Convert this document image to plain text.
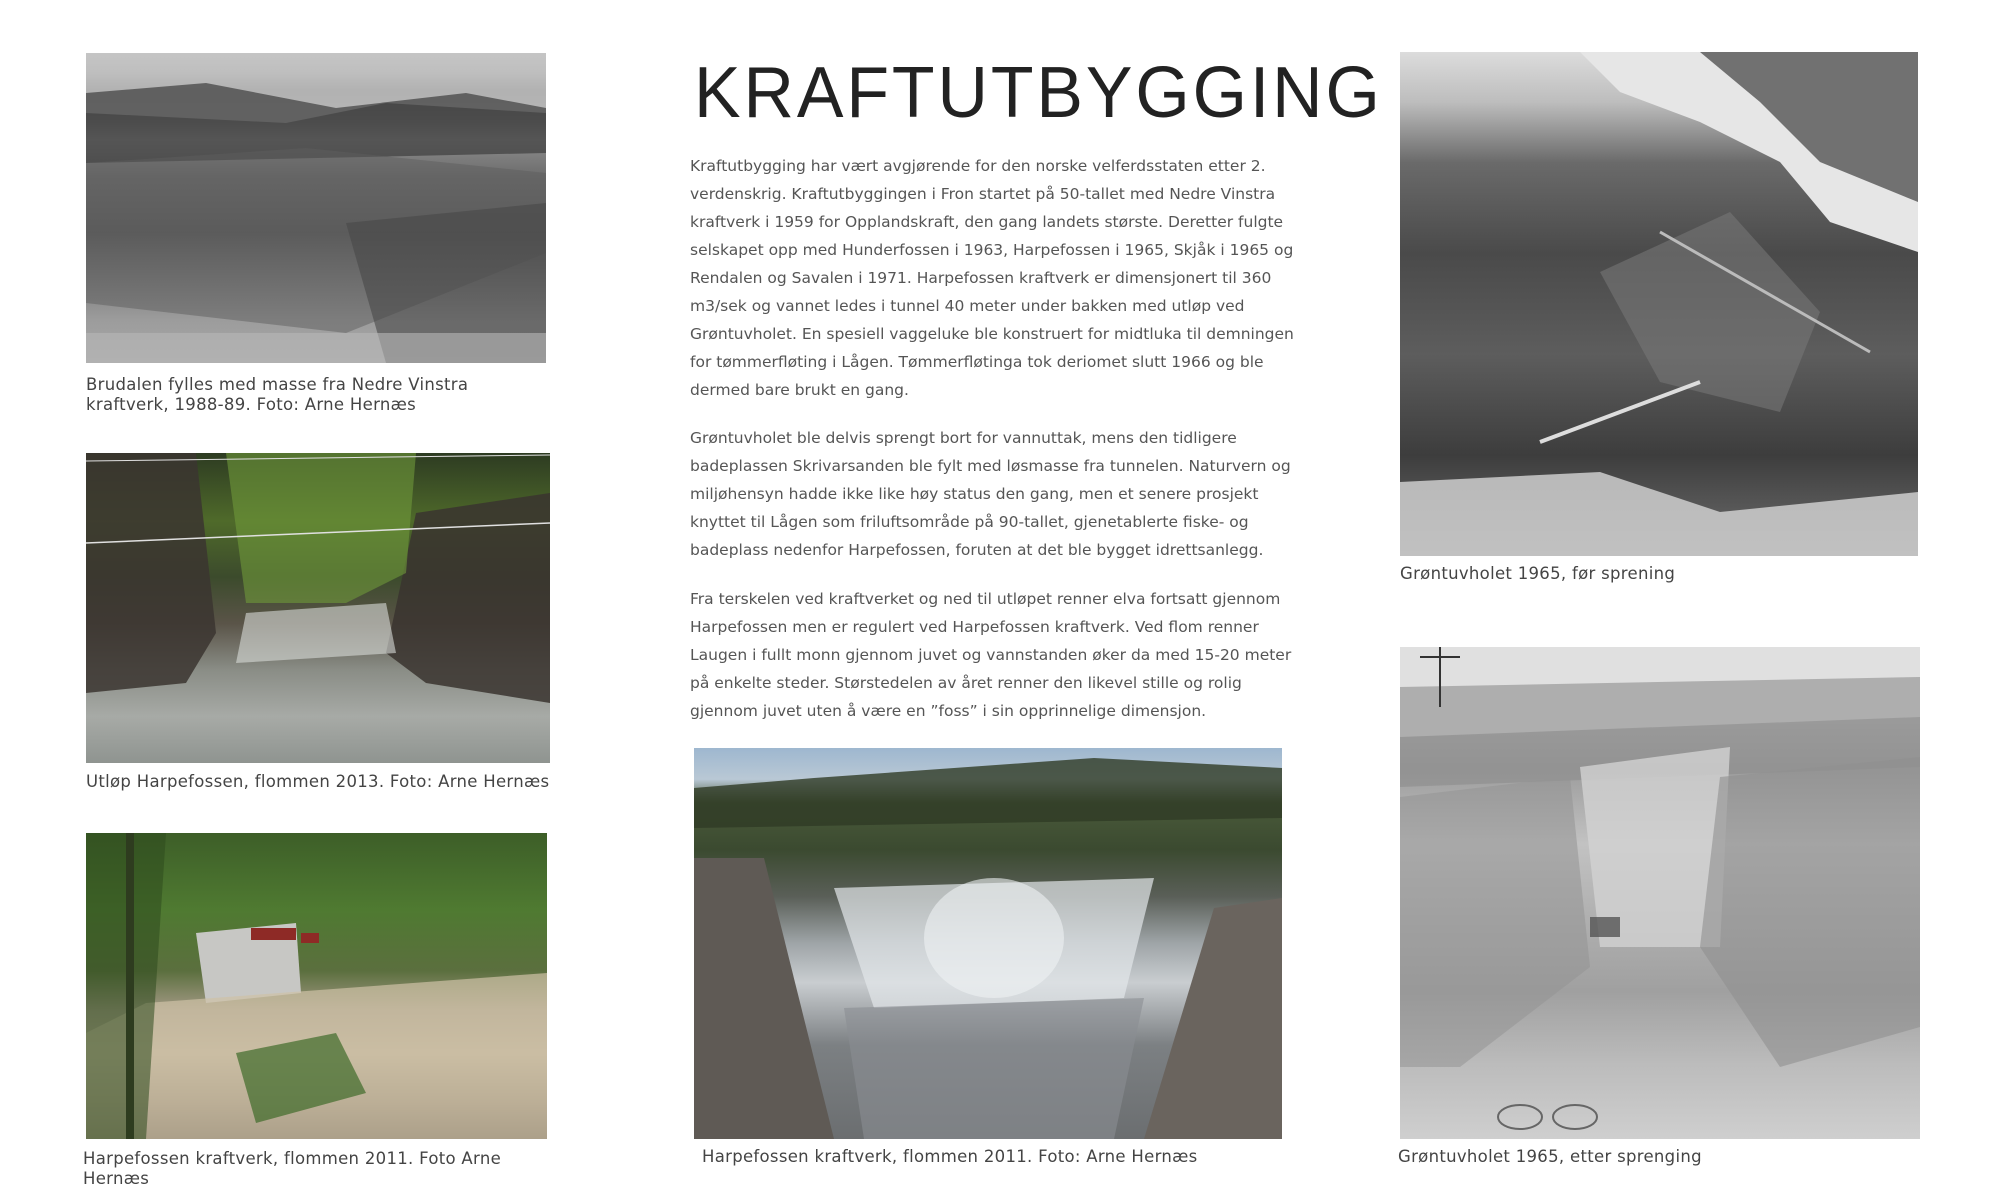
Brudalen fylles med masse fra Nedre Vinstra kraftverk, 1988-89. Foto: Arne Hernæs
Utløp Harpefossen, flommen 2013. Foto: Arne Hernæs
Harpefossen kraftverk, flommen 2011. Foto Arne Hernæs
KRAFTUTBYGGING

Kraftutbygging har vært avgjørende for den norske velferdsstaten etter 2. verdenskrig. Kraftutbyggingen i Fron startet på 50-tallet med Nedre Vinstra kraftverk i 1959 for Opplandskraft, den gang landets største. Deretter fulgte selskapet opp med Hunderfossen i 1963, Harpefossen i 1965, Skjåk i 1965 og Rendalen og Savalen i 1971. Harpefossen kraftverk er dimensjonert til 360 m3/sek og vannet ledes i tunnel 40 meter under bakken med utløp ved Grøntuvholet. En spesiell vaggeluke ble konstruert for midtluka til demningen for tømmerfløting i Lågen. Tømmerfløtinga tok deriomet slutt 1966 og ble dermed bare brukt en gang.

Grøntuvholet ble delvis sprengt bort for vannuttak, mens den tidligere badeplassen Skrivarsanden ble fylt med løsmasse fra tunnelen. Naturvern og miljøhensyn hadde ikke like høy status den gang, men et senere prosjekt knyttet til Lågen som friluftsområde på 90-tallet, gjenetablerte fiske- og badeplass nedenfor Harpefossen, foruten at det ble bygget idrettsanlegg.

Fra terskelen ved kraftverket og ned til utløpet renner elva fortsatt gjennom Harpefossen men er regulert ved Harpefossen kraftverk. Ved flom renner Laugen i fullt monn gjennom juvet og vannstanden øker da med 15-20 meter på enkelte steder. Størstedelen av året renner den likevel stille og rolig gjennom juvet uten å være en ”foss” i sin opprinnelige dimensjon.

Harpefossen kraftverk, flommen 2011. Foto: Arne Hernæs
Grøntuvholet 1965, før sprening
Grøntuvholet 1965, etter sprenging
